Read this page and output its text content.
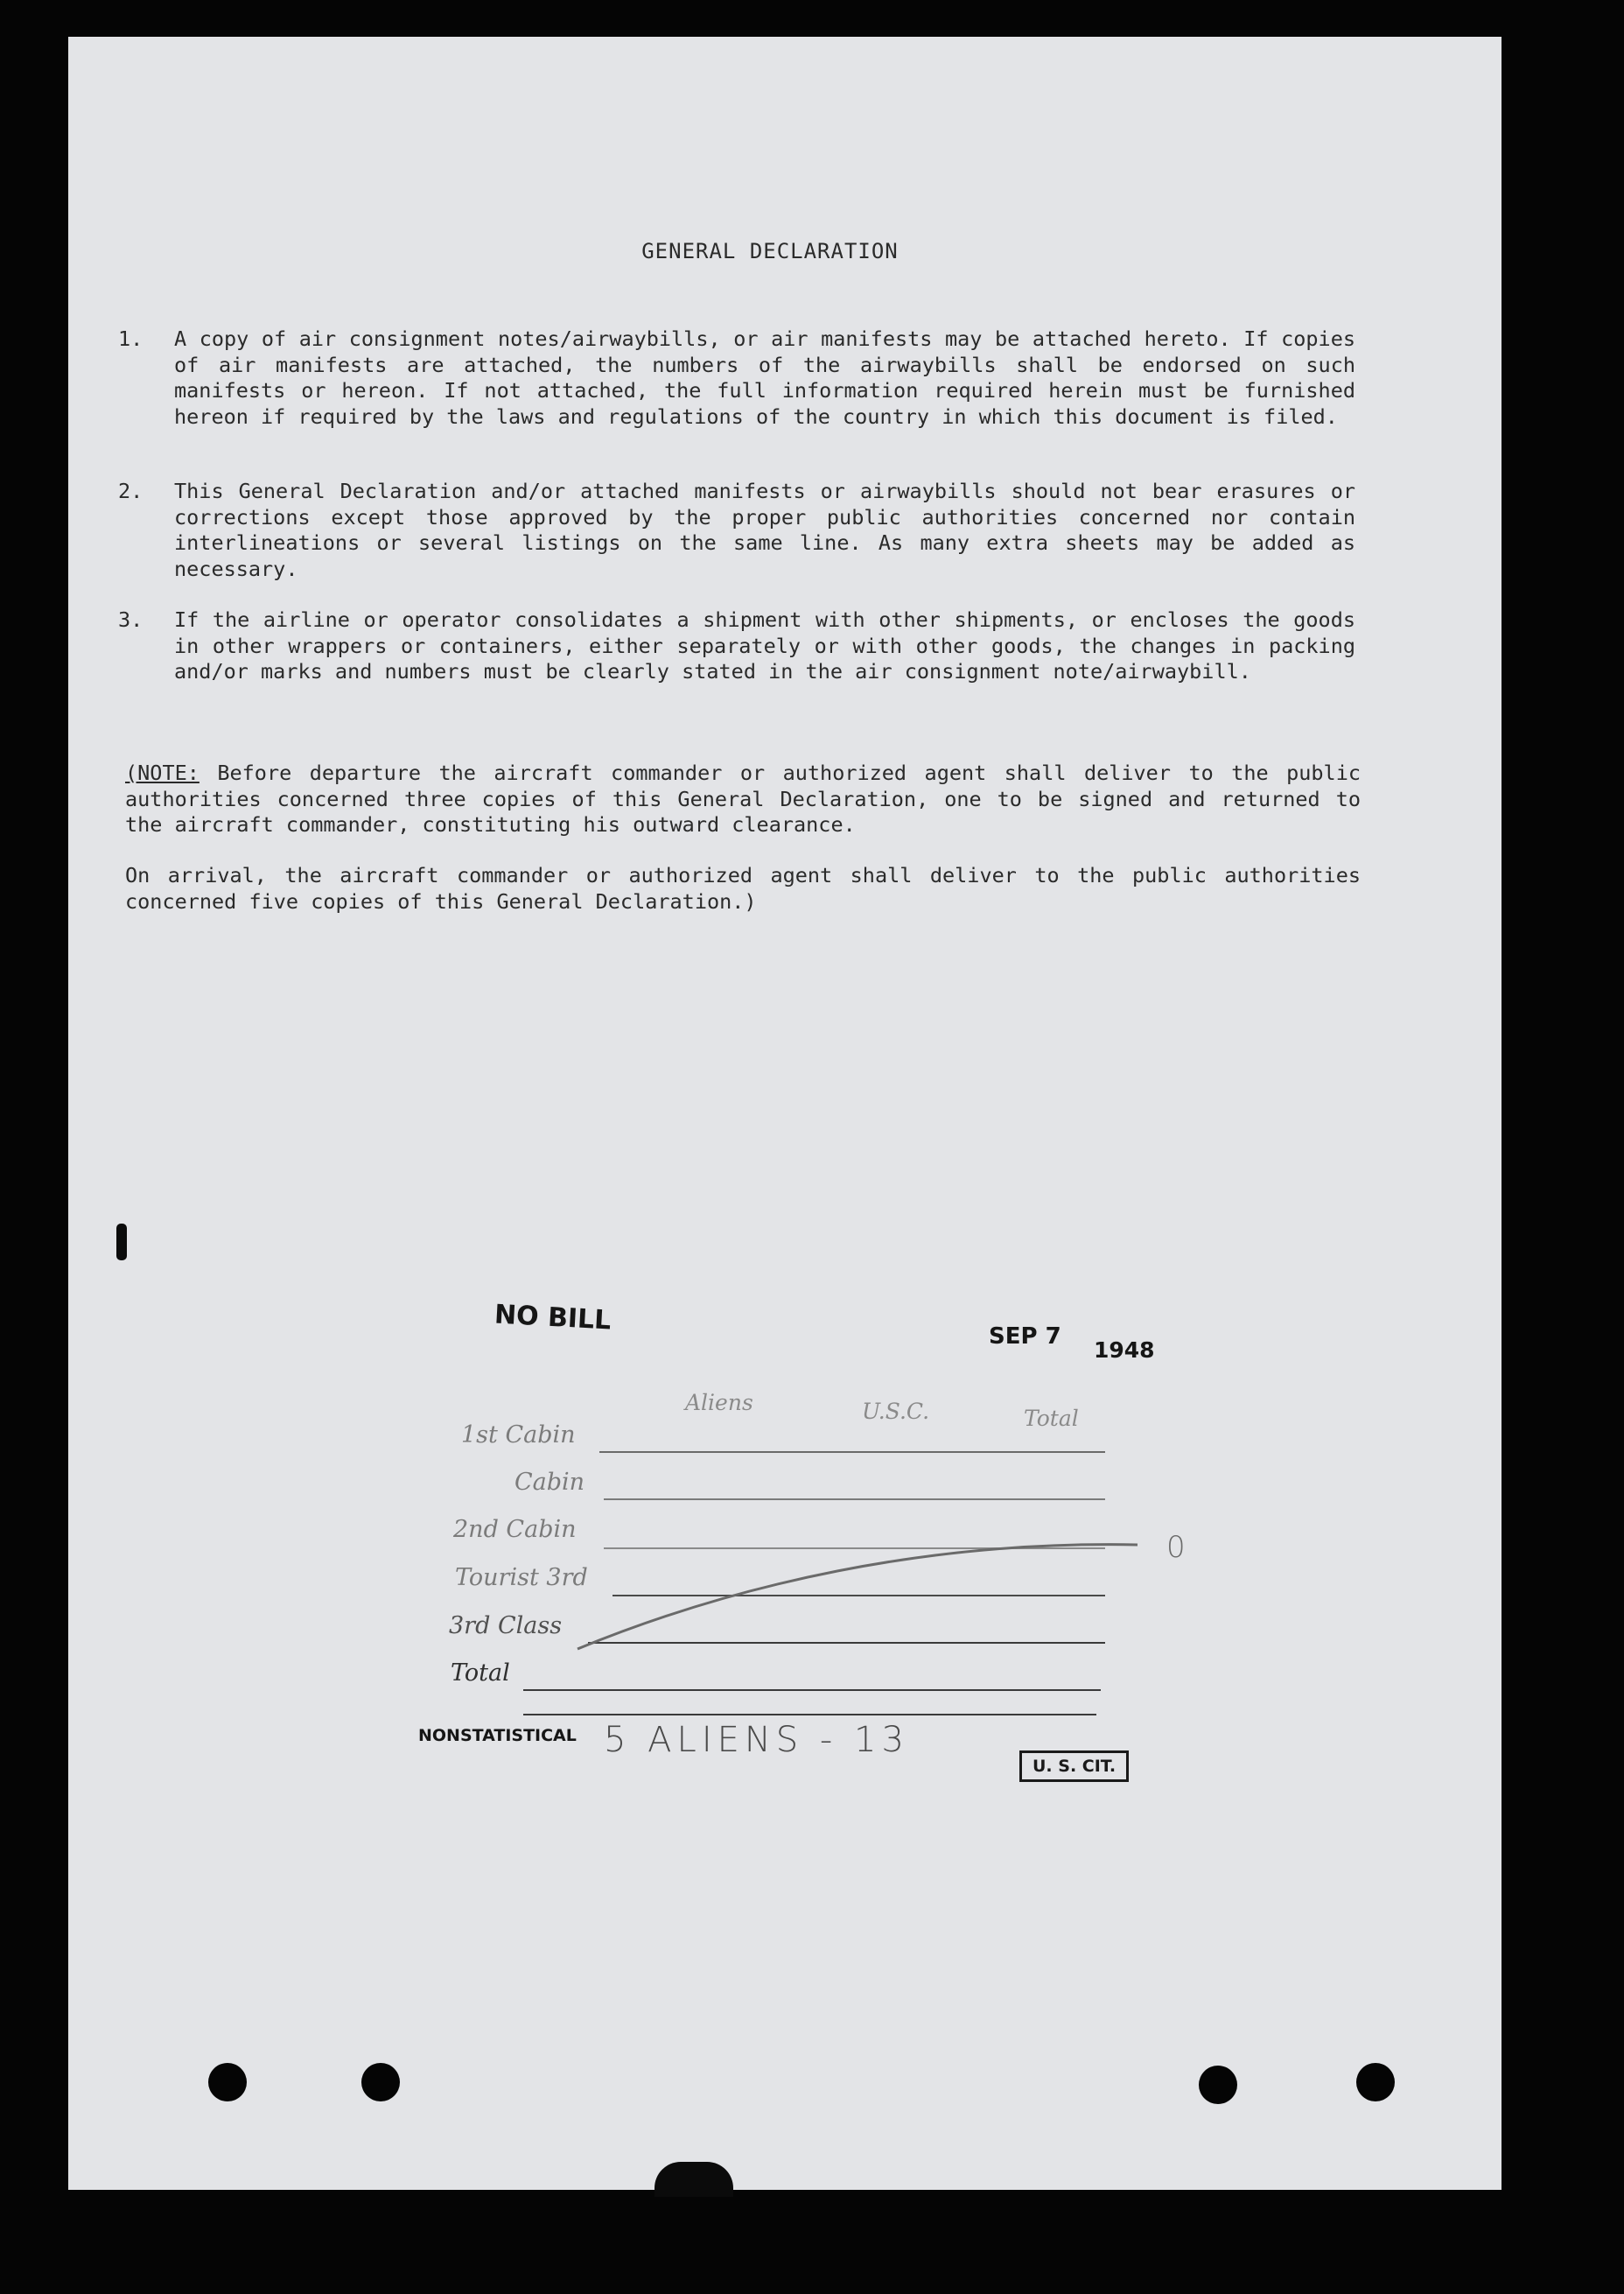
GENERAL DECLARATION
1.	A copy of air consignment notes/airwaybills, or air manifests may be attached hereto. If copies of air manifests are attached, the numbers of the airwaybills shall be endorsed on such manifests or hereon. If not attached, the full information required herein must be furnished hereon if required by the laws and regulations of the country in which this document is filed.
2.	This General Declaration and/or attached manifests or airwaybills should not bear erasures or corrections except those approved by the proper public authorities concerned nor contain interlineations or several listings on the same line. As many extra sheets may be added as necessary.
3.	If the airline or operator consolidates a shipment with other shipments, or encloses the goods in other wrappers or containers, either separately or with other goods, the changes in packing and/or marks and numbers must be clearly stated in the air consignment note/airwaybill.
(NOTE: Before departure the aircraft commander or authorized agent shall deliver to the public authorities concerned three copies of this General Declaration, one to be signed and returned to the aircraft commander, constituting his outward clearance.
On arrival, the aircraft commander or authorized agent shall deliver to the public authorities concerned five copies of this General Declaration.)
NO BILL
SEP 7
1948
Aliens	U.S.C.	Total
1st Cabin
Cabin
2nd Cabin
Tourist 3rd
3rd Class
Total
0
NONSTATISTICAL 5 ALIENS - 13
U. S. CIT.
